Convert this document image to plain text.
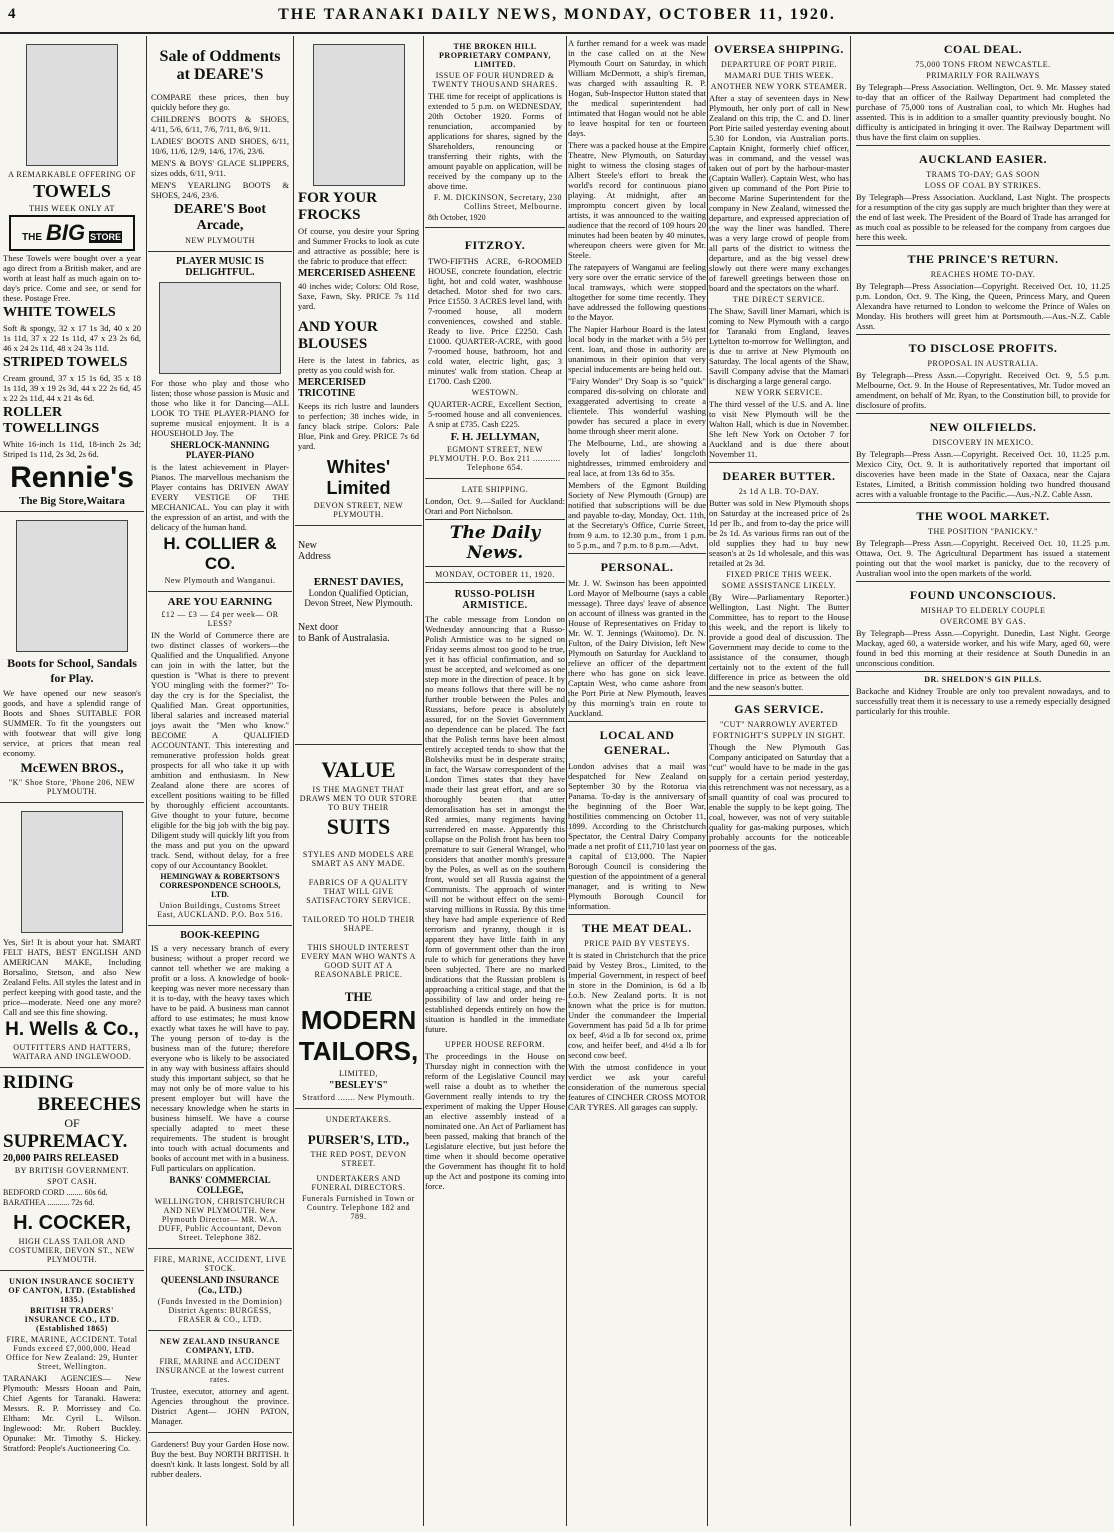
4	THE TARANAKI DAILY NEWS, MONDAY, OCTOBER 11, 1920.
A REMARKABLE OFFERING OF
TOWELS
THIS WEEK ONLY AT
THE BIG STORE
These Towels were bought over a year ago direct from a British maker, and are worth at least half as much again on to-day's price. Come and see, or send for these. Postage Free.
WHITE TOWELS
Soft & spongy, 32 x 17 1s 3d, 40 x 20 1s 11d, 37 x 22 1s 11d, 47 x 23 2s 6d, 46 x 24 2s 11d, 48 x 24 3s 11d.
STRIPED TOWELS
Cream ground, 37 x 15 1s 6d, 35 x 18 1s 11d, 39 x 19 2s 3d, 44 x 22 2s 6d, 45 x 22 2s 11d, 44 x 21 4s 6d.
ROLLER TOWELLINGS
White 16-inch 1s 11d, 18-inch 2s 3d; Striped 1s 11d, 2s 3d, 2s 6d.
Rennie's
The Big Store,Waitara
Boots for School, Sandals for Play.
We have opened our new season's goods, and have a splendid range of Boots and Shoes SUITABLE FOR SUMMER. To fit the youngsters out with footwear that will give long service, at prices that mean real economy.
McEWEN BROS.,
"K" Shoe Store, 'Phone 206, NEW PLYMOUTH.
Yes, Sir! It is about your hat. SMART FELT HATS, BEST ENGLISH AND AMERICAN MAKE, Including Borsalino, Stetson, and also New Zealand Felts. All styles the latest and in perfect keeping with good taste, and the price—moderate. Need one any more? Call and see this fine showing.
H. Wells & Co.,
OUTFITTERS AND HATTERS, WAITARA AND INGLEWOOD.
RIDING
BREECHES
OF
SUPREMACY.
20,000 PAIRS RELEASED
BY BRITISH GOVERNMENT.
SPOT CASH.
BEDFORD CORD ........ 60s 6d.
BARATHEA ........... 72s 6d.
H. COCKER,
HIGH CLASS TAILOR AND COSTUMIER, DEVON ST., NEW PLYMOUTH.
UNION INSURANCE SOCIETY OF CANTON, LTD. (Established 1835.)
BRITISH TRADERS' INSURANCE CO., LTD. (Established 1865)
FIRE, MARINE, ACCIDENT. Total Funds exceed £7,000,000. Head Office for New Zealand: 29, Hunter Street, Wellington.
TARANAKI AGENCIES— New Plymouth: Messrs Hooan and Pain, Chief Agents for Taranaki. Hawera: Messrs. R. P. Morrissey and Co. Eltham: Mr. Cyril L. Wilson. Inglewood: Mr. Robert Buckley. Opunake: Mr. Timothy S. Hickey. Stratford: People's Auctioneering Co.
Sale of Oddments at DEARE'S
COMPARE these prices, then buy quickly before they go.
CHILDREN'S BOOTS & SHOES, 4/11, 5/6, 6/11, 7/6, 7/11, 8/6, 9/11.
LADIES' BOOTS AND SHOES, 6/11, 10/6, 11/6, 12/9, 14/6, 17/6, 23/6.
MEN'S & BOYS' GLACE SLIPPERS, sizes odds, 6/11, 9/11.
MEN'S YEARLING BOOTS & SHOES, 24/6, 23/6.
DEARE'S Boot Arcade,
NEW PLYMOUTH
PLAYER MUSIC IS DELIGHTFUL.
For those who play and those who listen; those whose passion is Music and those who like it for Dancing—ALL LOOK TO THE PLAYER-PIANO for supreme musical enjoyment. It is a HOUSEHOLD Joy. The
SHERLOCK-MANNING PLAYER-PIANO
is the latest achievement in Player-Pianos. The marvellous mechanism the Player contains has DRIVEN AWAY EVERY VESTIGE OF THE MECHANICAL. You can play it with the expression of an artist, and with the delicacy of the human hand.
H. COLLIER & CO.
New Plymouth and Wanganui.
ARE YOU EARNING
£12 — £3 — £4 per week— OR LESS?
IN the World of Commerce there are two distinct classes of workers—the Qualified and the Unqualified. Anyone can join in with the latter, but the question is "What is there to prevent YOU mingling with the former?" To-day the cry is for the Specialist, the Qualified Man. Great opportunities, liberal salaries and increased material joys await the "Men who know." BECOME A QUALIFIED ACCOUNTANT. This interesting and remunerative profession holds great prospects for all who take it up with ambition and enthusiasm. In New Zealand alone there are scores of excellent positions waiting to be filled by thoroughly efficient accountants. Give thought to your future, become eligible for the big job with the big pay. Diligent study will quickly lift you from the mass and put you on the upward track. Send, without delay, for a free copy of our Accountancy Booklet.
HEMINGWAY & ROBERTSON'S CORRESPONDENCE SCHOOLS, LTD.
Union Buildings, Customs Street East, AUCKLAND. P.O. Box 516.
BOOK-KEEPING
IS a very necessary branch of every business; without a proper record we cannot tell whether we are making a profit or a loss. A knowledge of book-keeping was never more necessary than it is to-day, with the heavy taxes which have to be paid. A business man cannot afford to use estimates; he must know exactly what taxes he will have to pay. The young person of to-day is the business man of the future; therefore everyone who is likely to be associated in any way with business affairs should study this important subject, so that he may not only be of more value to his present employer but will have the necessary knowledge when he starts in business himself. We have a course specially adapted to meet these requirements. The student is brought into touch with actual documents and books of account met with in a business. Full particulars on application.
BANKS' COMMERCIAL COLLEGE,
WELLINGTON, CHRISTCHURCH AND NEW PLYMOUTH. New Plymouth Director— MR. W.A. DUFF, Public Accountant, Devon Street. Telephone 382.
FIRE, MARINE, ACCIDENT, LIVE STOCK.
QUEENSLAND INSURANCE (Co., LTD.)
(Funds Invested in the Dominion) District Agents: BURGESS, FRASER & CO., LTD.
NEW ZEALAND INSURANCE COMPANY, LTD.
FIRE, MARINE and ACCIDENT INSURANCE at the lowest current rates.
Trustee, executor, attorney and agent. Agencies throughout the province. District Agent— JOHN PATON, Manager.
Gardeners! Buy your Garden Hose now. Buy the best. Buy NORTH BRITISH. It doesn't kink. It lasts longest. Sold by all rubber dealers.
FOR YOUR FROCKS
Of course, you desire your Spring and Summer Frocks to look as cute and attractive as possible; here is the fabric to produce that effect:
MERCERISED ASHEENE
40 inches wide; Colors: Old Rose, Saxe, Fawn, Sky. PRICE 7s 11d yard.
AND YOUR BLOUSES
Here is the latest in fabrics, as pretty as you could wish for.
MERCERISED TRICOTINE
Keeps its rich lustre and launders to perfection; 38 inches wide, in fancy black stripe. Colors: Pale Blue, Pink and Grey. PRICE 7s 6d yard.
Whites' Limited
DEVON STREET, NEW PLYMOUTH.
New
Address
ERNEST DAVIES,
London Qualified Optician, Devon Street, New Plymouth.
Next door
to Bank of Australasia.
VALUE
IS THE MAGNET THAT DRAWS MEN TO OUR STORE TO BUY THEIR
SUITS
STYLES AND MODELS ARE SMART AS ANY MADE.
FABRICS OF A QUALITY THAT WILL GIVE SATISFACTORY SERVICE.
TAILORED TO HOLD THEIR SHAPE.
THIS SHOULD INTEREST EVERY MAN WHO WANTS A GOOD SUIT AT A REASONABLE PRICE.
THE
MODERN
TAILORS,
LIMITED,
"BESLEY'S"
Stratford ....... New Plymouth.
UNDERTAKERS.
PURSER'S, LTD.,
THE RED POST, DEVON STREET.
UNDERTAKERS AND FUNERAL DIRECTORS.
Funerals Furnished in Town or Country. Telephone 182 and 789.
THE BROKEN HILL PROPRIETARY COMPANY, LIMITED.
ISSUE OF FOUR HUNDRED & TWENTY THOUSAND SHARES.
THE time for receipt of applications is extended to 5 p.m. on WEDNESDAY, 20th October 1920. Forms of renunciation, accompanied by applications for shares, signed by the Shareholders, renouncing or transferring their rights, with the amount payable on application, will be received by the company up to the above time.
F. M. DICKINSON, Secretary, 230 Collins Street, Melbourne.
8th October, 1920
FITZROY.
TWO-FIFTHS ACRE, 6-ROOMED HOUSE, concrete foundation, electric light, hot and cold water, washhouse detached. Motor shed for two cars. Price £1550. 3 ACRES level land, with 7-roomed house, all modern conveniences, cowshed and stable. Ready to live. Price £2250. Cash £1000. QUARTER-ACRE, with good 7-roomed house, bathroom, hot and cold water, electric light, gas; 3 minutes' walk from station. Cheap at £1700. Cash £200.
WESTOWN.
QUARTER-ACRE, Excellent Section, 5-roomed house and all conveniences. A snip at £735. Cash £225.
F. H. JELLYMAN,
EGMONT STREET, NEW PLYMOUTH. P.O. Box 211 ........... Telephone 654.
LATE SHIPPING.
London, Oct. 9.—Sailed for Auckland: Orari and Port Nicholson.
The Daily News.
MONDAY, OCTOBER 11, 1920.
RUSSO-POLISH ARMISTICE.
The cable message from London on Wednesday announcing that a Russo-Polish Armistice was to be signed on Friday seems almost too good to be true, yet it has official confirmation, and so must be accepted, and welcomed as one step more in the direction of peace. It by no means follows that there will be no further trouble between the Poles and Russians, before peace is absolutely assured, for on the Soviet Government no dependence can be placed. The fact that the Polish terms have been almost entirely accepted tends to show that the Bolsheviks must be in desperate straits; in fact, the Warsaw correspondent of the London Times states that they have made their last great effort, and are so thoroughly beaten that utter demoralisation has set in amongst the Red armies, many regiments having surrendered en masse. Apparently this collapse on the Polish front has been too premature to suit General Wrangel, who considers that another month's pressure by the Poles, as well as on the southern front, would set all Russia against the Communists. The approach of winter will not be without effect on the semi-starving millions in Russia. By this time they have had ample experience of Red terrorism and tyranny, though it is apparent they have little faith in any form of government other than the iron rule to which for generations they have been subjected. There are no marked indications that the Russian problem is approaching a critical stage, and that the possibility of law and order being re-established depends entirely on how the situation is handled in the immediate future.
UPPER HOUSE REFORM.
The proceedings in the House on Thursday night in connection with the reform of the Legislative Council may well raise a doubt as to whether the Government really intends to try the experiment of making the Upper House an elective assembly instead of a nominated one. An Act of Parliament has been passed, making that branch of the Legislature elective, but just before the time when it should become operative the Government has thought fit to hold up the Act and postpone its coming into force.
A further remand for a week was made in the case called on at the New Plymouth Court on Saturday, in which William McDermott, a ship's fireman, was charged with assaulting R. P. Hogan, Sub-Inspector Hutton stated that the medical superintendent had intimated that Hogan would not be able to leave hospital for ten or fourteen days.
There was a packed house at the Empire Theatre, New Plymouth, on Saturday night to witness the closing stages of Albert Steele's effort to break the world's record for continuous piano playing. At midnight, after an impromptu concert given by local artists, it was announced to the waiting audience that the record of 109 hours 20 minutes had been beaten by 40 minutes, whereupon cheers were given for Mr. Steele.
The ratepayers of Wanganui are feeling very sore over the erratic service of the local tramways, which were stopped altogether for some time recently. They have addressed the following questions to the Mayor.
The Napier Harbour Board is the latest local body in the market with a 5½ per cent. loan, and those in authority are unanimous in their opinion that very special inducements are being held out.
"Fairy Wonder" Dry Soap is so "quick" compared dis-solving on chlorate and exaggerated advertising to create a clientele. This wonderful washing powder has secured a place in every home through sheer merit alone.
The Melbourne, Ltd., are showing a lovely lot of ladies' longcloth nightdresses, trimmed embroidery and real lace, at from 13s 6d to 35s.
Members of the Egmont Building Society of New Plymouth (Group) are notified that subscriptions will be due and payable to-day, Monday, Oct. 11th, at the Secretary's Office, Currie Street, from 9 a.m. to 12.30 p.m., from 1 p.m. to 5 p.m., and 7 p.m. to 8 p.m.—Advt.
PERSONAL.
Mr. J. W. Swinson has been appointed Lord Mayor of Melbourne (says a cable message). Three days' leave of absence on account of illness was granted in the House of Representatives on Friday to Mr. W. T. Jennings (Waitomo). Dr. N. Fulton, of the Dairy Division, left New Plymouth on Saturday for Auckland to relieve an officer of the department there who has gone on sick leave. Captain West, who came ashore from the Port Pirie at New Plymouth, leaves by this morning's train en route to Auckland.
LOCAL AND GENERAL.
London advises that a mail was despatched for New Zealand on September 30 by the Rotorua via Panama. To-day is the anniversary of the beginning of the Boer War, hostilities commencing on October 11, 1899. According to the Christchurch Spectator, the Central Dairy Company made a net profit of £11,710 last year on a capital of £13,000. The Napier Borough Council is considering the question of the appointment of a general manager, and is writing to New Plymouth Borough Council for information.
THE MEAT DEAL.
PRICE PAID BY VESTEYS.
It is stated in Christchurch that the price paid by Vestey Bros., Limited, to the Imperial Government, in respect of beef in store in the Dominion, is 6d a lb f.o.b. New Zealand ports. It is not known what the price is for mutton. Under the commandeer the Imperial Government has paid 5d a lb for prime ox beef, 4½d a lb for second ox, prime cow, and heifer beef, and 4½d a lb for second cow beef.
With the utmost confidence in your verdict we ask your careful consideration of the numerous special features of CINCHER CROSS MOTOR CAR TYRES. All garages can supply.
OVERSEA SHIPPING.
DEPARTURE OF PORT PIRIE.
MAMARI DUE THIS WEEK.
ANOTHER NEW YORK STEAMER.
After a stay of seventeen days in New Plymouth, her only port of call in New Zealand on this trip, the C. and D. liner Port Pirie sailed yesterday evening about 5.30 for London, via Australian ports. Captain Knight, formerly chief officer, was in command, and the vessel was taken out of port by the harbour-master (Captain Waller). Captain West, who has given up command of the Port Pirie to become Marine Superintendent for the company in New Zealand, witnessed the departure, and expressed appreciation of the way the liner was handled. There was a very large crowd of people from all parts of the district to witness the departure, and as the big vessel drew slowly out there were many exchanges of farewell greetings between those on board and the spectators on the wharf.
THE DIRECT SERVICE.
The Shaw, Savill liner Mamari, which is coming to New Plymouth with a cargo for Taranaki from England, leaves Lyttelton to-morrow for Wellington, and is due to arrive at New Plymouth on Saturday. The local agents of the Shaw, Savill Company advise that the Mamari is discharging a large general cargo.
NEW YORK SERVICE.
The third vessel of the U.S. and A. line to visit New Plymouth will be the Walton Hall, which is due in November. She left New York on October 7 for Auckland and is due there about November 11.
DEARER BUTTER.
2s 1d A LB. TO-DAY.
Butter was sold in New Plymouth shops on Saturday at the increased price of 2s 1d per lb., and from to-day the price will be 2s 1d. As various firms ran out of the old supplies they had to buy new season's at 2s 1d wholesale, and this was retailed at 2s 3d.
FIXED PRICE THIS WEEK.
SOME ASSISTANCE LIKELY.
(By Wire—Parliamentary Reporter.) Wellington, Last Night. The Butter Committee, has to report to the House this week, and the report is likely to provide a good deal of discussion. The Government may decide to come to the assistance of the consumer, though certainly not to the extent of the full difference in price as between the old and the new season's butter.
GAS SERVICE.
"CUT" NARROWLY AVERTED
FORTNIGHT'S SUPPLY IN SIGHT.
Though the New Plymouth Gas Company anticipated on Saturday that a "cut" would have to be made in the gas supply for a certain period yesterday, this retrenchment was not necessary, as a small quantity of coal was procured to enable the supply to be kept going. The coal, however, was not of very suitable quality for gas-making purposes, which probably accounts for the noticeable poorness of the gas.
COAL DEAL.
75,000 TONS FROM NEWCASTLE.
PRIMARILY FOR RAILWAYS
By Telegraph—Press Association. Wellington, Oct. 9. Mr. Massey stated to-day that an officer of the Railway Department had completed the purchase of 75,000 tons of Australian coal, to which Mr. Hughes had assented. This is in addition to a smaller quantity previously bought. No difficulty is anticipated in bringing it over. The Railway Department will thus have the first claim on supplies.
AUCKLAND EASIER.
TRAMS TO-DAY; GAS SOON
LOSS OF COAL BY STRIKES.
By Telegraph—Press Association. Auckland, Last Night. The prospects for a resumption of the city gas supply are much brighter than they were at the end of last week. The President of the Board of Trade has arranged for as much coal as possible to be released for the company from cargoes due here this week.
THE PRINCE'S RETURN.
REACHES HOME TO-DAY.
By Telegraph—Press Association—Copyright. Received Oct. 10, 11.25 p.m. London, Oct. 9. The King, the Queen, Princess Mary, and Queen Alexandra have returned to London to welcome the Prince of Wales on Monday. His brothers will greet him at Portsmouth.—Aus.-N.Z. Cable Assn.
TO DISCLOSE PROFITS.
PROPOSAL IN AUSTRALIA.
By Telegraph—Press Assn.—Copyright. Received Oct. 9, 5.5 p.m. Melbourne, Oct. 9. In the House of Representatives, Mr. Tudor moved an amendment, on behalf of Mr. Ryan, to the Constitution bill, to provide for disclosure of profits.
NEW OILFIELDS.
DISCOVERY IN MEXICO.
By Telegraph—Press Assn.—Copyright. Received Oct. 10, 11.25 p.m. Mexico City, Oct. 9. It is authoritatively reported that important oil discoveries have been made in the State of Oaxaca, near the Cajara Estates, Limited, a British commission holding two hundred thousand acres with a valuable frontage to the Pacific.—Aus.-N.Z. Cable Assn.
THE WOOL MARKET.
THE POSITION "PANICKY."
By Telegraph—Press Assn.—Copyright. Received Oct. 10, 11.25 p.m. Ottawa, Oct. 9. The Agricultural Department has issued a statement pointing out that the wool market is panicky, due to the recovery of Australian wool into the open markets of the world.
FOUND UNCONSCIOUS.
MISHAP TO ELDERLY COUPLE
OVERCOME BY GAS.
By Telegraph—Press Assn.—Copyright. Dunedin, Last Night. George Mackay, aged 60, a waterside worker, and his wife Mary, aged 60, were found in bed this morning at their residence at South Dunedin in an unconscious condition.
DR. SHELDON'S GIN PILLS.
Backache and Kidney Trouble are only too prevalent nowadays, and to successfully treat them it is necessary to use a remedy especially designed particularly for this trouble.
